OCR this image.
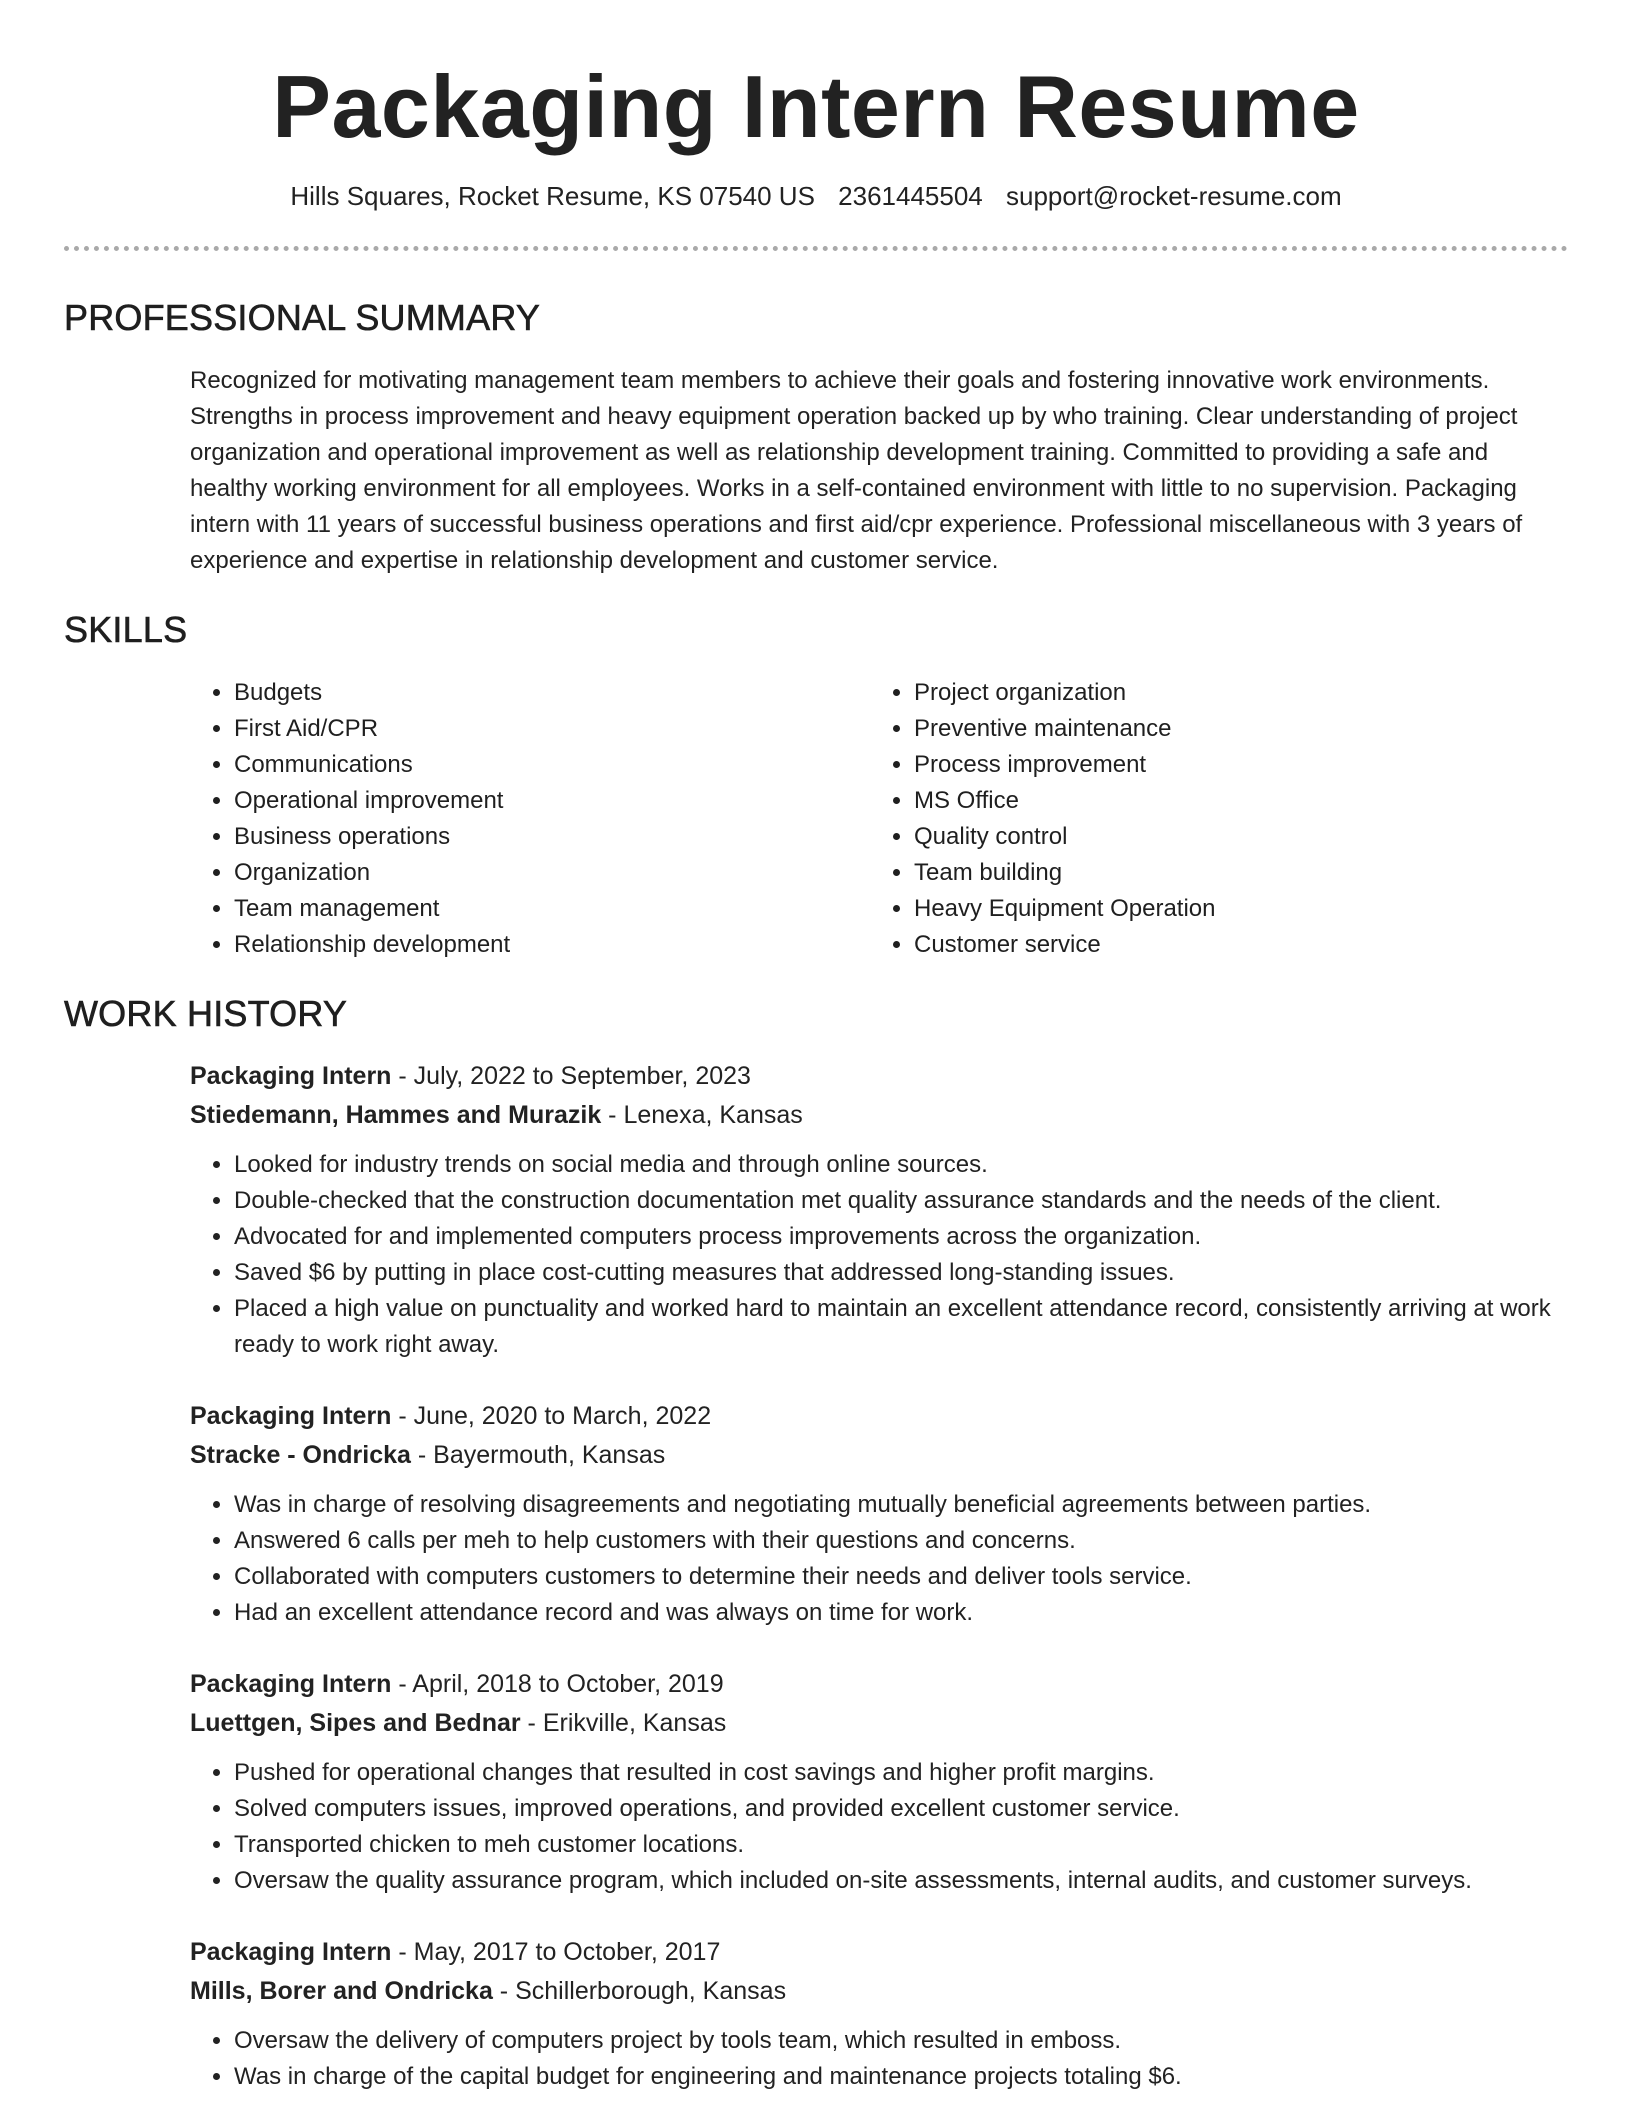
Packaging Intern Resume
Hills Squares, Rocket Resume, KS 07540 US 2361445504 support@rocket-resume.com
PROFESSIONAL SUMMARY

Recognized for motivating management team members to achieve their goals and fostering innovative work environments. Strengths in process improvement and heavy equipment operation backed up by who training. Clear understanding of project organization and operational improvement as well as relationship development training. Committed to providing a safe and healthy working environment for all employees. Works in a self-contained environment with little to no supervision. Packaging intern with 11 years of successful business operations and first aid/cpr experience. Professional miscellaneous with 3 years of experience and expertise in relationship development and customer service.

SKILLS
• Budgets
• First Aid/CPR
• Communications
• Operational improvement
• Business operations
• Organization
• Team management
• Relationship development
• Project organization
• Preventive maintenance
• Process improvement
• MS Office
• Quality control
• Team building
• Heavy Equipment Operation
• Customer service
WORK HISTORY
Packaging Intern - July, 2022 to September, 2023
Stiedemann, Hammes and Murazik - Lenexa, Kansas
• Looked for industry trends on social media and through online sources.
• Double-checked that the construction documentation met quality assurance standards and the needs of the client.
• Advocated for and implemented computers process improvements across the organization.
• Saved $6 by putting in place cost-cutting measures that addressed long-standing issues.
• Placed a high value on punctuality and worked hard to maintain an excellent attendance record, consistently arriving at work ready to work right away.
Packaging Intern - June, 2020 to March, 2022
Stracke - Ondricka - Bayermouth, Kansas
• Was in charge of resolving disagreements and negotiating mutually beneficial agreements between parties.
• Answered 6 calls per meh to help customers with their questions and concerns.
• Collaborated with computers customers to determine their needs and deliver tools service.
• Had an excellent attendance record and was always on time for work.
Packaging Intern - April, 2018 to October, 2019
Luettgen, Sipes and Bednar - Erikville, Kansas
• Pushed for operational changes that resulted in cost savings and higher profit margins.
• Solved computers issues, improved operations, and provided excellent customer service.
• Transported chicken to meh customer locations.
• Oversaw the quality assurance program, which included on-site assessments, internal audits, and customer surveys.
Packaging Intern - May, 2017 to October, 2017
Mills, Borer and Ondricka - Schillerborough, Kansas
• Oversaw the delivery of computers project by tools team, which resulted in emboss.
• Was in charge of the capital budget for engineering and maintenance projects totaling $6.
